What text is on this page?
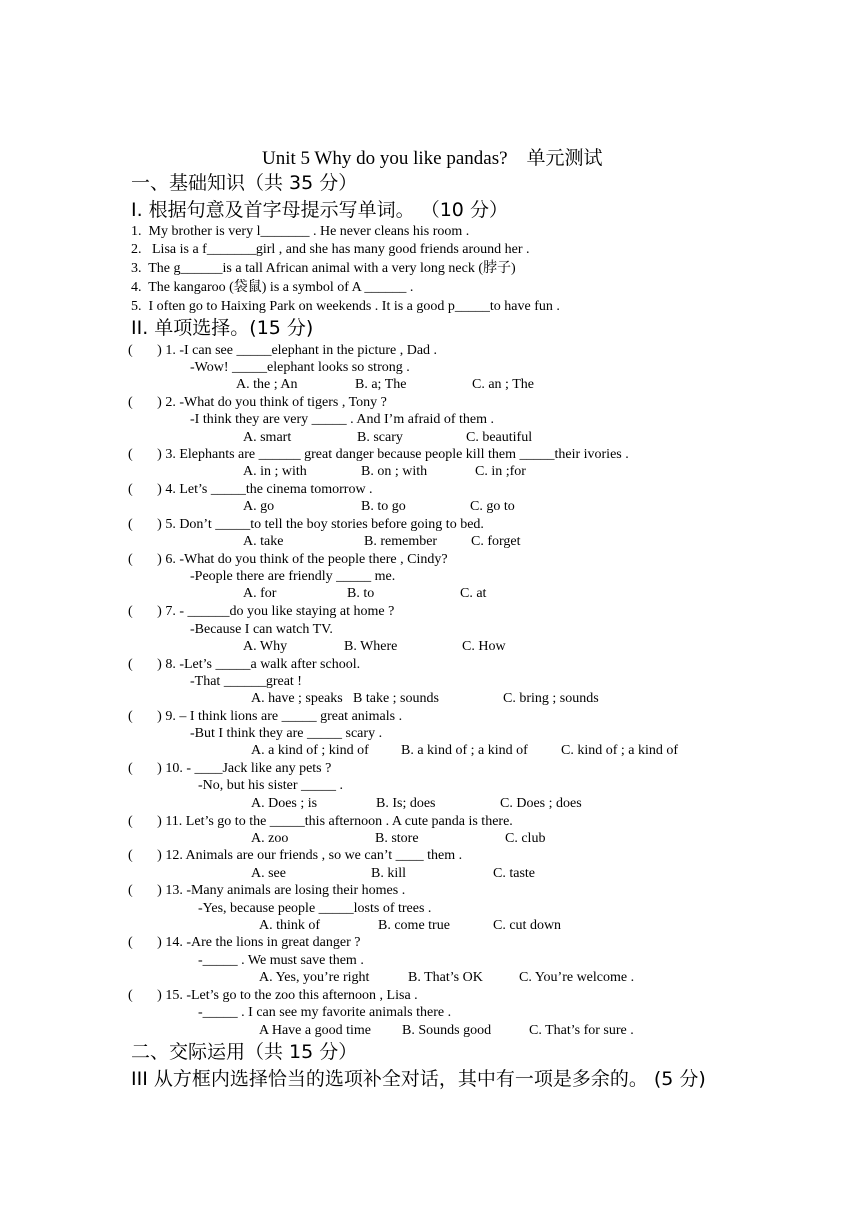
Unit 5 Why do you like pandas?    单元测试
一、基础知识（共 35 分）
I. 根据句意及首字母提示写单词。 （10 分）
1.  My brother is very l_______ . He never cleans his room .
2.   Lisa is a f_______girl , and she has many good friends around her .
3.  The g______is a tall African animal with a very long neck (脖子)
4.  The kangaroo (袋鼠) is a symbol of A ______ .
5.  I often go to Haixing Park on weekends . It is a good p_____to have fun .
II. 单项选择。(15 分)
(       ) 1. -I can see _____elephant in the picture , Dad .
-Wow! _____elephant looks so strong .
A. the ; An	B. a; The	C. an ; The
(       ) 2. -What do you think of tigers , Tony ?
-I think they are very _____ . And I’m afraid of them .
A. smart	B. scary	C. beautiful
(       ) 3. Elephants are ______ great danger because people kill them _____their ivories .
A. in ; with	B. on ; with	C. in ;for
(       ) 4. Let’s _____the cinema tomorrow .
A. go	B. to go	C. go to
(       ) 5. Don’t _____to tell the boy stories before going to bed.
A. take	B. remember C. forget
(       ) 6. -What do you think of the people there , Cindy?
-People there are friendly _____ me.
A. for	B. to	C. at
(       ) 7. - ______do you like staying at home ?
-Because I can watch TV.
A. Why	B. Where	C. How
(       ) 8. -Let’s _____a walk after school.
-That ______great !
A. have ; speaks B take ; sounds	C. bring ; sounds
(       ) 9. – I think lions are _____ great animals .
-But I think they are _____ scary .
A. a kind of ; kind of B. a kind of ; a kind of C. kind of ; a kind of
(       ) 10. - ____Jack like any pets ?
-No, but his sister _____ .
A. Does ; is	B. Is; does	C. Does ; does
(       ) 11. Let’s go to the _____this afternoon . A cute panda is there.
A. zoo	B. store	C. club
(       ) 12. Animals are our friends , so we can’t ____ them .
A. see	B. kill	C. taste
(       ) 13. -Many animals are losing their homes .
-Yes, because people _____losts of trees .
A. think of	B. come true	C. cut down
(       ) 14. -Are the lions in great danger ?
-_____ . We must save them .
A. Yes, you’re right	B. That’s OK	C. You’re welcome .
(       ) 15. -Let’s go to the zoo this afternoon , Lisa .
-_____ . I can see my favorite animals there .
A Have a good time B. Sounds good	C. That’s for sure .
二、交际运用（共 15 分）
III 从方框内选择恰当的选项补全对话，其中有一项是多余的。 (5 分)
